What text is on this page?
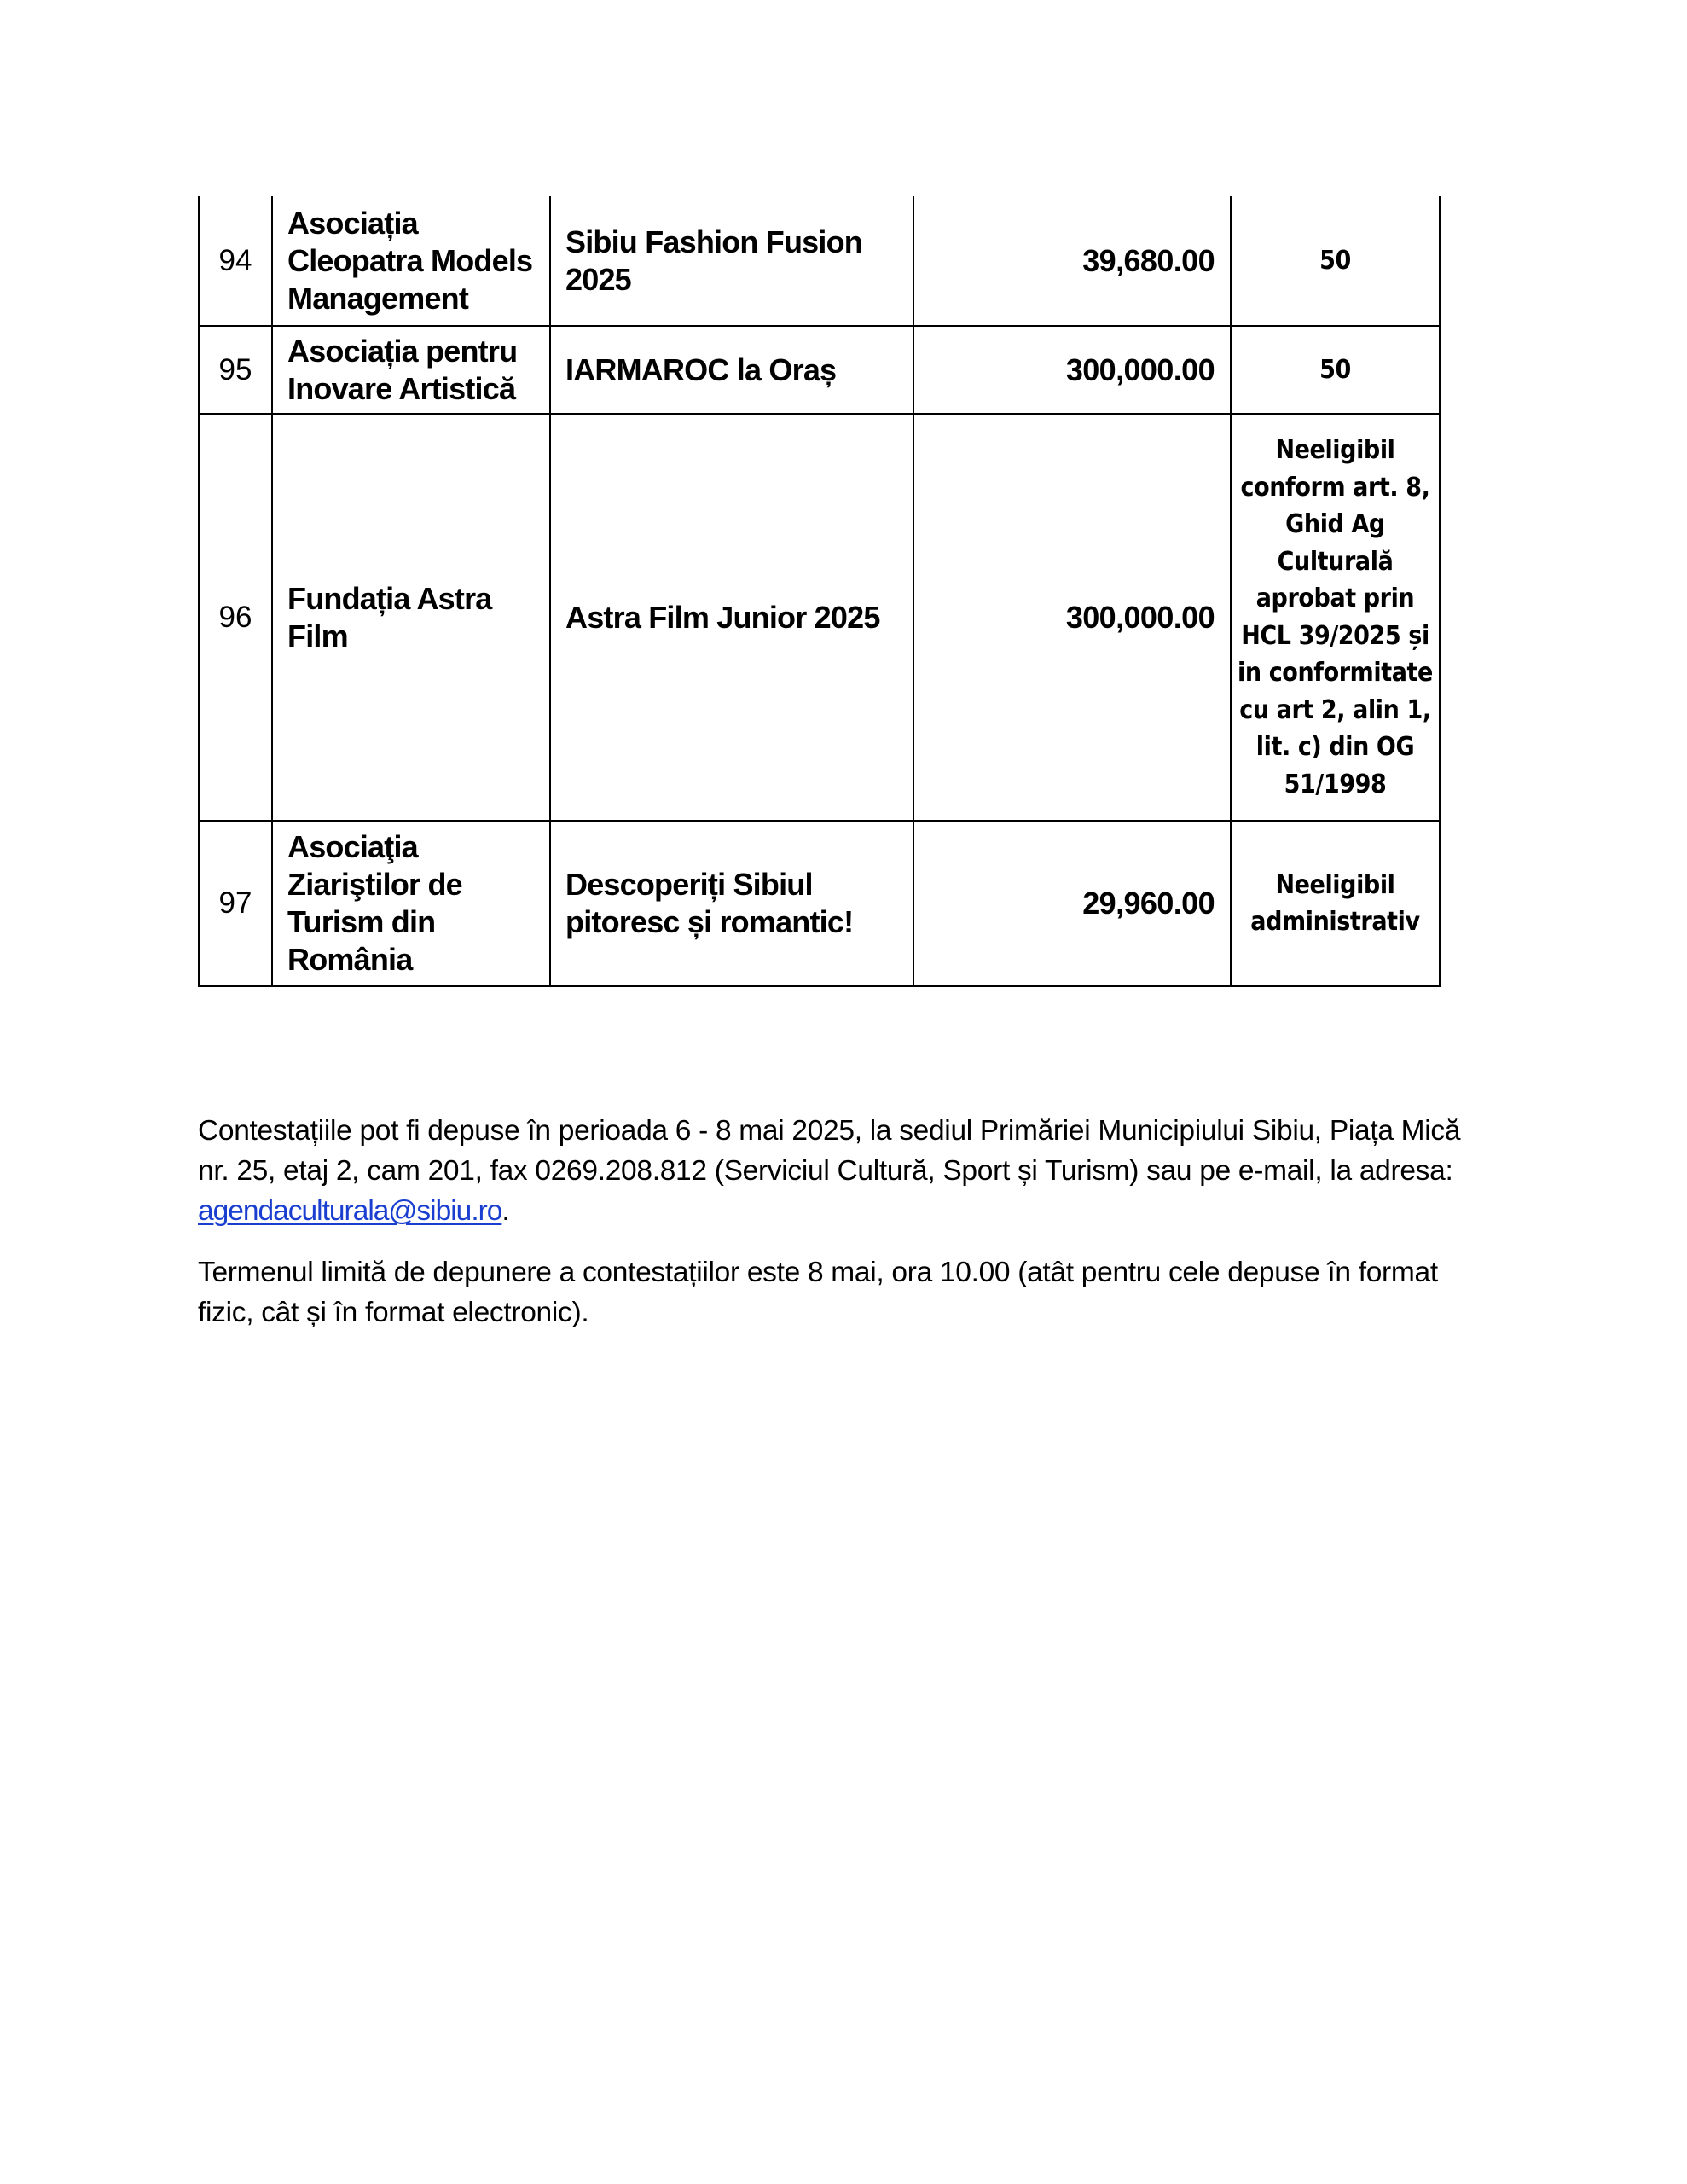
94	Asociația Cleopatra Models Management	Sibiu Fashion Fusion 2025	39,680.00	50
95	Asociația pentru Inovare Artistică	IARMAROC la Oraș	300,000.00	50
96	Fundația Astra Film	Astra Film Junior 2025	300,000.00	Neeligibil conform art. 8, Ghid Ag Culturală aprobat prin HCL 39/2025 și in conformitate cu art 2, alin 1, lit. c) din OG 51/1998
97	Asociaţia Ziariştilor de Turism din România	Descoperiți Sibiul pitoresc și romantic!	29,960.00	Neeligibil administrativ

Contestațiile pot fi depuse în perioada 6 - 8 mai 2025, la sediul Primăriei Municipiului Sibiu, Piața Mică nr. 25, etaj 2, cam 201, fax 0269.208.812 (Serviciul Cultură, Sport și Turism) sau pe e-mail, la adresa:
agendaculturala@sibiu.ro.

Termenul limită de depunere a contestațiilor este 8 mai, ora 10.00 (atât pentru cele depuse în format fizic, cât și în format electronic).
